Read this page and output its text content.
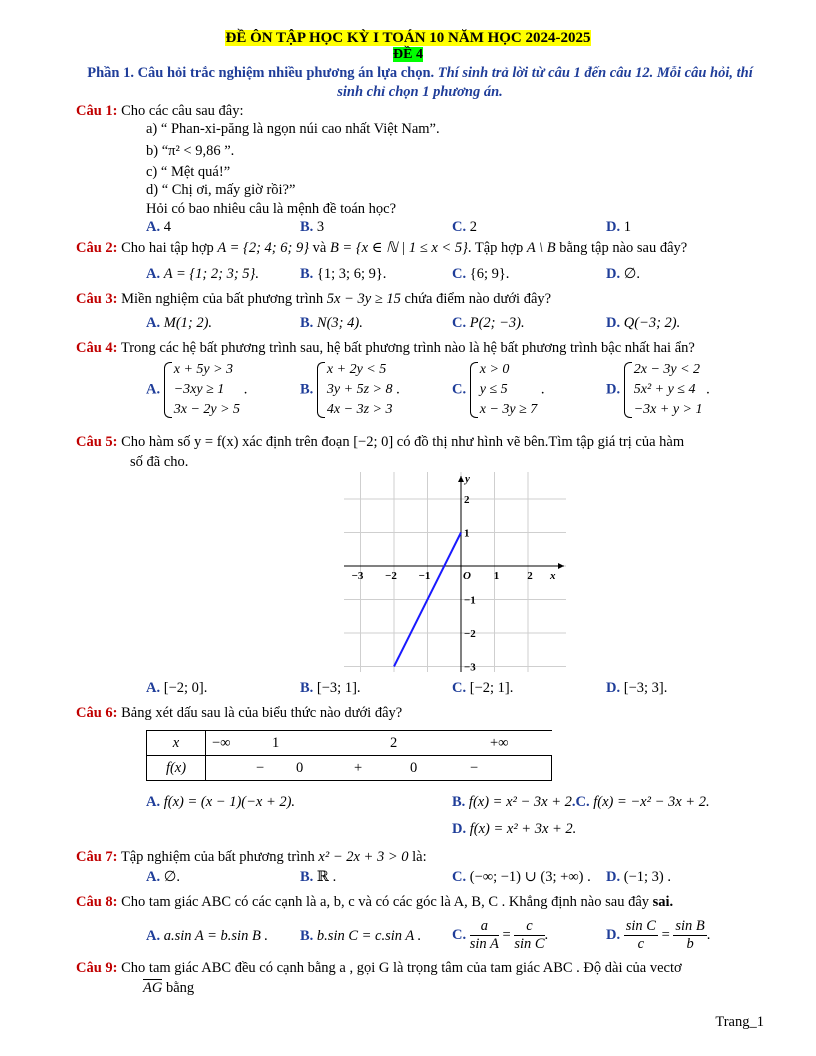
ĐỀ ÔN TẬP HỌC KỲ I TOÁN 10 NĂM HỌC 2024-2025
ĐỀ 4
Phần 1. Câu hỏi trắc nghiệm nhiều phương án lựa chọn. Thí sinh trả lời từ câu 1 đến câu 12. Mỗi câu hỏi, thí sinh chỉ chọn 1 phương án.
Câu 1: Cho các câu sau đây:
a) “ Phan-xi-păng là ngọn núi cao nhất Việt Nam”.
b) “π² < 9,86 ”.
c) “ Mệt quá!”
d) “ Chị ơi, mấy giờ rồi?”
Hỏi có bao nhiêu câu là mệnh đề toán học?
A. 4	B. 3	C. 2	D. 1
Câu 2: Cho hai tập hợp A = {2; 4; 6; 9} và B = {x ∈ ℕ | 1 ≤ x < 5}. Tập hợp A \ B bằng tập nào sau đây?
A. A = {1; 2; 3; 5}.	B. {1; 3; 6; 9}.	C. {6; 9}.	D. ∅.
Câu 3: Miền nghiệm của bất phương trình 5x − 3y ≥ 15 chứa điểm nào dưới đây?
A. M(1; 2).	B. N(3; 4).	C. P(2; −3).	D. Q(−3; 2).
Câu 4: Trong các hệ bất phương trình sau, hệ bất phương trình nào là hệ bất phương trình bậc nhất hai ẩn?
A.
x + 5y > 3
−3xy ≥ 1
3x − 2y > 5
.	B.
x + 2y < 5
3y + 5z > 8
4x − 3z > 3
.	C.
x > 0
y ≤ 5
x − 3y ≥ 7
.	D.
2x − 3y < 2
5x² + y ≤ 4
−3x + y > 1
.
Câu 5: Cho hàm số y = f(x) xác định trên đoạn [−2; 0] có đồ thị như hình vẽ bên.Tìm tập giá trị của hàm
số đã cho.
−3 −2 −1	1	2
−3
−2
−1
1
2
x
y
O
A. [−2; 0].	B. [−3; 1].	C. [−2; 1].	D. [−3; 3].
Câu 6: Bảng xét dấu sau là của biểu thức nào dưới đây?
x	−∞ 1 2 +∞
f(x)	− 0 + 0 −
A. f(x) = (x − 1)(−x + 2).	B. f(x) = x² − 3x + 2.C. f(x) = −x² − 3x + 2.
D. f(x) = x² + 3x + 2.
Câu 7: Tập nghiệm của bất phương trình x² − 2x + 3 > 0 là:
A. ∅.	B. ℝ .	C. (−∞; −1) ∪ (3; +∞) . D. (−1; 3) .
Câu 8: Cho tam giác ABC có các cạnh là a, b, c và có các góc là A, B, C . Khẳng định nào sau đây sai.
A. a.sin A = b.sin B . B. b.sin C = c.sin A . C. $\frac{a}{\text{sin A}} = \frac{c}{\text{sin C}}$ .	D. $\frac{\text{sin C}}{c} = \frac{\text{sin B}}{b}$ .
Câu 9: Cho tam giác ABC đều có cạnh bằng a , gọi G là trọng tâm của tam giác ABC . Độ dài của vectơ
AG bằng
Trang_1
